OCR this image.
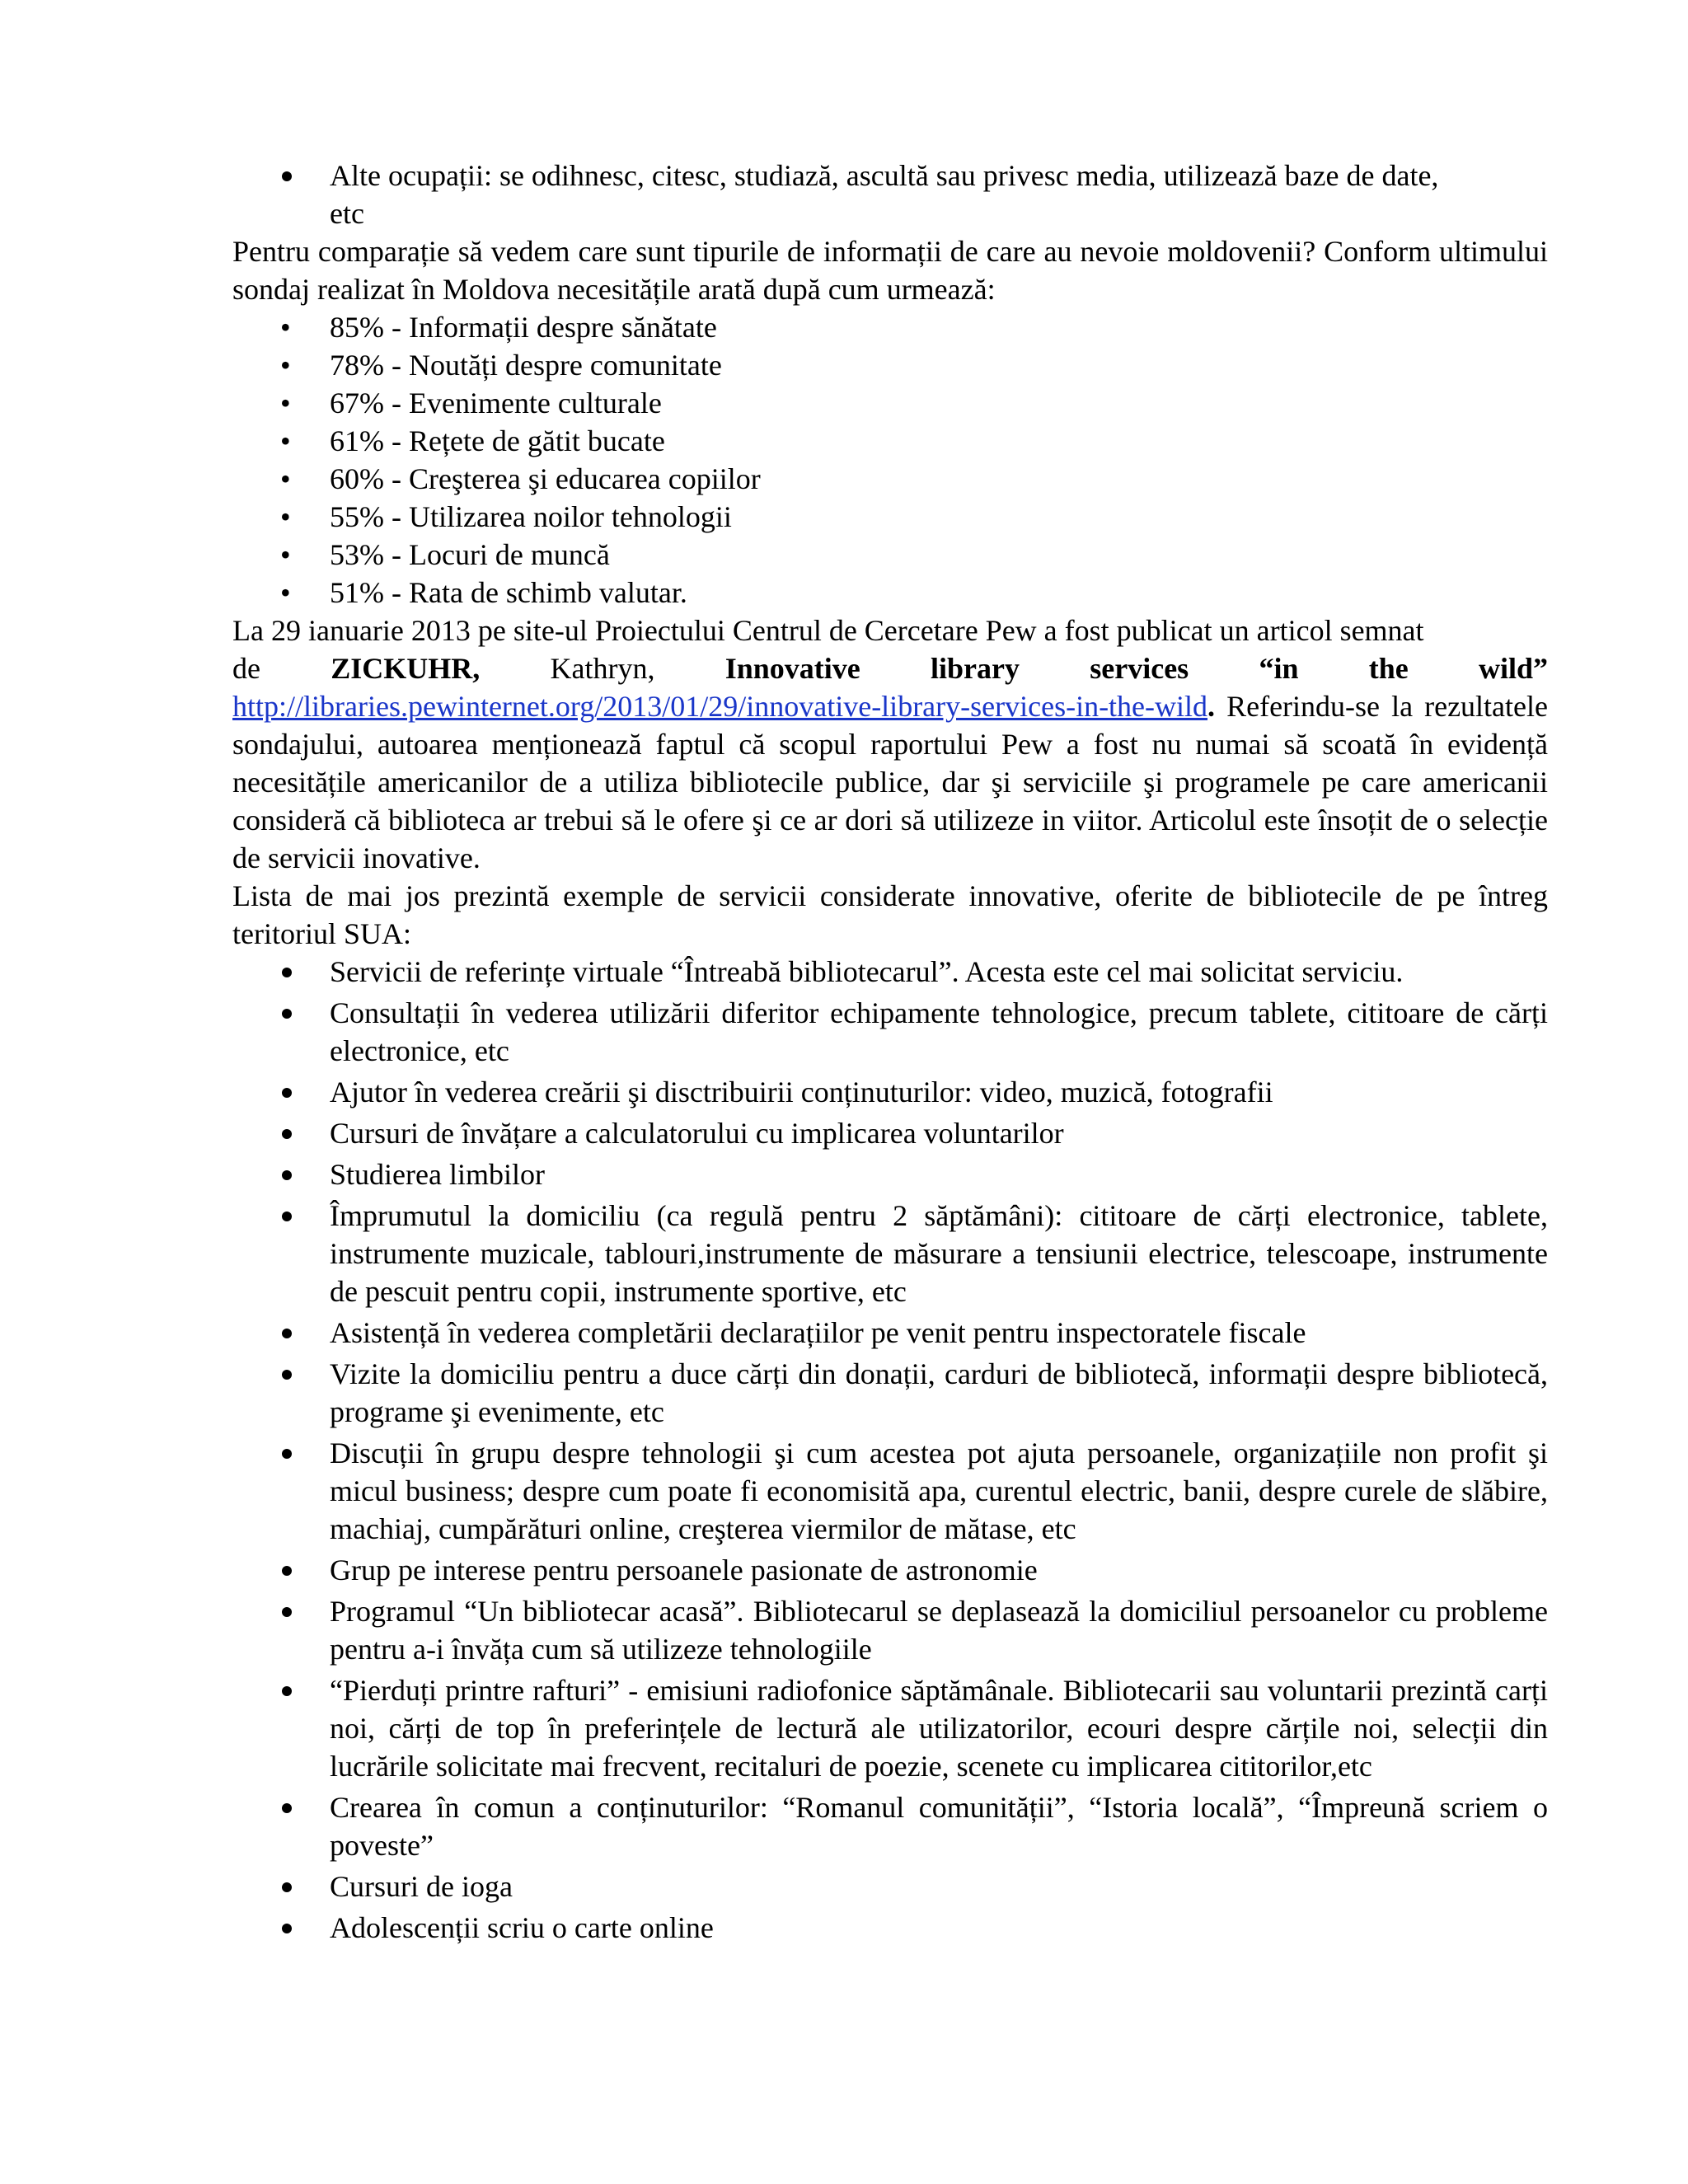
Alte ocupații: se odihnesc, citesc, studiază, ascultă sau privesc media, utilizează baze de date,
etc

Pentru comparație să vedem care sunt tipurile de informații de care au nevoie moldovenii? Conform ultimului sondaj realizat în Moldova necesitățile arată după cum urmează:

• 85% - Informații despre sănătate
• 78% - Noutăți despre comunitate
• 67% - Evenimente culturale
• 61% - Rețete de gătit bucate
• 60% - Creşterea şi educarea copiilor
• 55% - Utilizarea noilor tehnologii
• 53% - Locuri de muncă
• 51% - Rata de schimb valutar.

La 29 ianuarie 2013 pe site-ul Proiectului Centrul de Cercetare Pew a fost publicat un articol semnat

de ZICKUHR, Kathryn, Innovative library services “in the wild”
http://libraries.pewinternet.org/2013/01/29/innovative-library-services-in-the-wild. Referindu-se la rezultatele sondajului, autoarea menționează faptul că scopul raportului Pew a fost nu numai să scoată în evidență necesitățile americanilor de a utiliza bibliotecile publice, dar şi serviciile şi programele pe care americanii consideră că biblioteca ar trebui să le ofere şi ce ar dori să utilizeze in viitor. Articolul este însoțit de o selecție de servicii inovative.

Lista de mai jos prezintă exemple de servicii considerate innovative, oferite de bibliotecile de pe întreg teritoriul SUA:

Servicii de referințe virtuale “Întreabă bibliotecarul”. Acesta este cel mai solicitat serviciu.
Consultații în vederea utilizării diferitor echipamente tehnologice, precum tablete, cititoare de cărți electronice, etc
Ajutor în vederea creării şi disctribuirii conținuturilor: video, muzică, fotografii
Cursuri de învățare a calculatorului cu implicarea voluntarilor
Studierea limbilor
Împrumutul la domiciliu (ca regulă pentru 2 săptămâni): cititoare de cărți electronice, tablete, instrumente muzicale, tablouri,instrumente de măsurare a tensiunii electrice, telescoape, instrumente de pescuit pentru copii, instrumente sportive, etc
Asistență în vederea completării declarațiilor pe venit pentru inspectoratele fiscale
Vizite la domiciliu pentru a duce cărți din donații, carduri de bibliotecă, informații despre bibliotecă, programe şi evenimente, etc
Discuții în grupu despre tehnologii şi cum acestea pot ajuta persoanele, organizațiile non profit şi micul business; despre cum poate fi economisită apa, curentul electric, banii, despre curele de slăbire, machiaj, cumpărături online, creşterea viermilor de mătase, etc
Grup pe interese pentru persoanele pasionate de astronomie
Programul “Un bibliotecar acasă”. Bibliotecarul se deplasează la domiciliul persoanelor cu probleme pentru a-i învăța cum să utilizeze tehnologiile
“Pierduți printre rafturi” - emisiuni radiofonice săptămânale. Bibliotecarii sau voluntarii prezintă carți noi, cărți de top în preferințele de lectură ale utilizatorilor, ecouri despre cărțile noi, selecții din lucrările solicitate mai frecvent, recitaluri de poezie, scenete cu implicarea cititorilor,etc
Crearea în comun a conținuturilor: “Romanul comunității”, “Istoria locală”, “Împreună scriem o poveste”
Cursuri de ioga
Adolescenții scriu o carte online
